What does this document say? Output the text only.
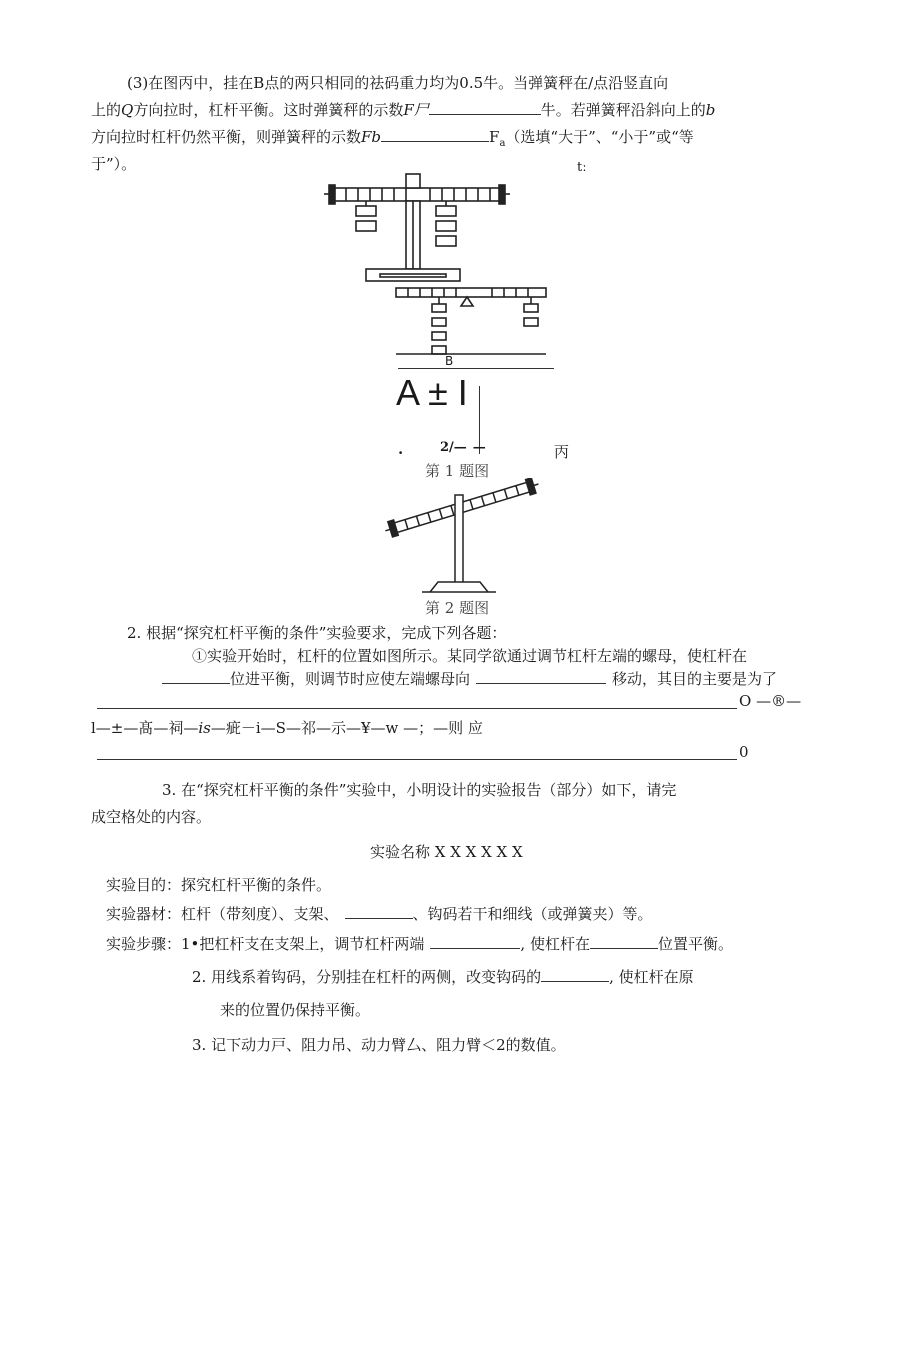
(3)在图丙中，挂在B点的两只相同的祛码重力均为0.5牛。当弹簧秤在/点沿竖直向
上的Q方向拉时，杠杆平衡。这时弹簧秤的示数F尸	牛。若弹簧秤沿斜向上的b
方向拉时杠杆仍然平衡，则弹簧秤的示数Fb	$F_a$（选填“大于”、“小于”或“等
于”）。	tː
B
A ± I
.	2/— —	丙
第 1 题图
第 2 题图
2. 根据“探究杠杆平衡的条件”实验要求，完成下列各题：
①实验开始时，杠杆的位置如图所示。某同学欲通过调节杠杆左端的螺母，使杠杆在
位进平衡，则调节时应使左端螺母向	移动，其目的主要是为了
O —®—
l—±—髙—祠—is—疵－i—S—祁—示—¥—w —；—则 应
0
3. 在“探究杠杆平衡的条件”实验中，小明设计的实验报告（部分）如下，请完
成空格处的内容。
实验名称 X X X X X X
实验目的：探究杠杆平衡的条件。
实验器材：杠杆（带刻度）、支架、	、钩码若干和细线（或弹簧夹）等。
实验步骤：1•把杠杆支在支架上，调节杠杆两端	, 使杠杆在	位置平衡。
2. 用线系着钩码，分别挂在杠杆的两侧，改变钩码的	, 使杠杆在原
来的位置仍保持平衡。
3. 记下动力戸、阻力吊、动力臂厶、阻力臂＜2的数值。
